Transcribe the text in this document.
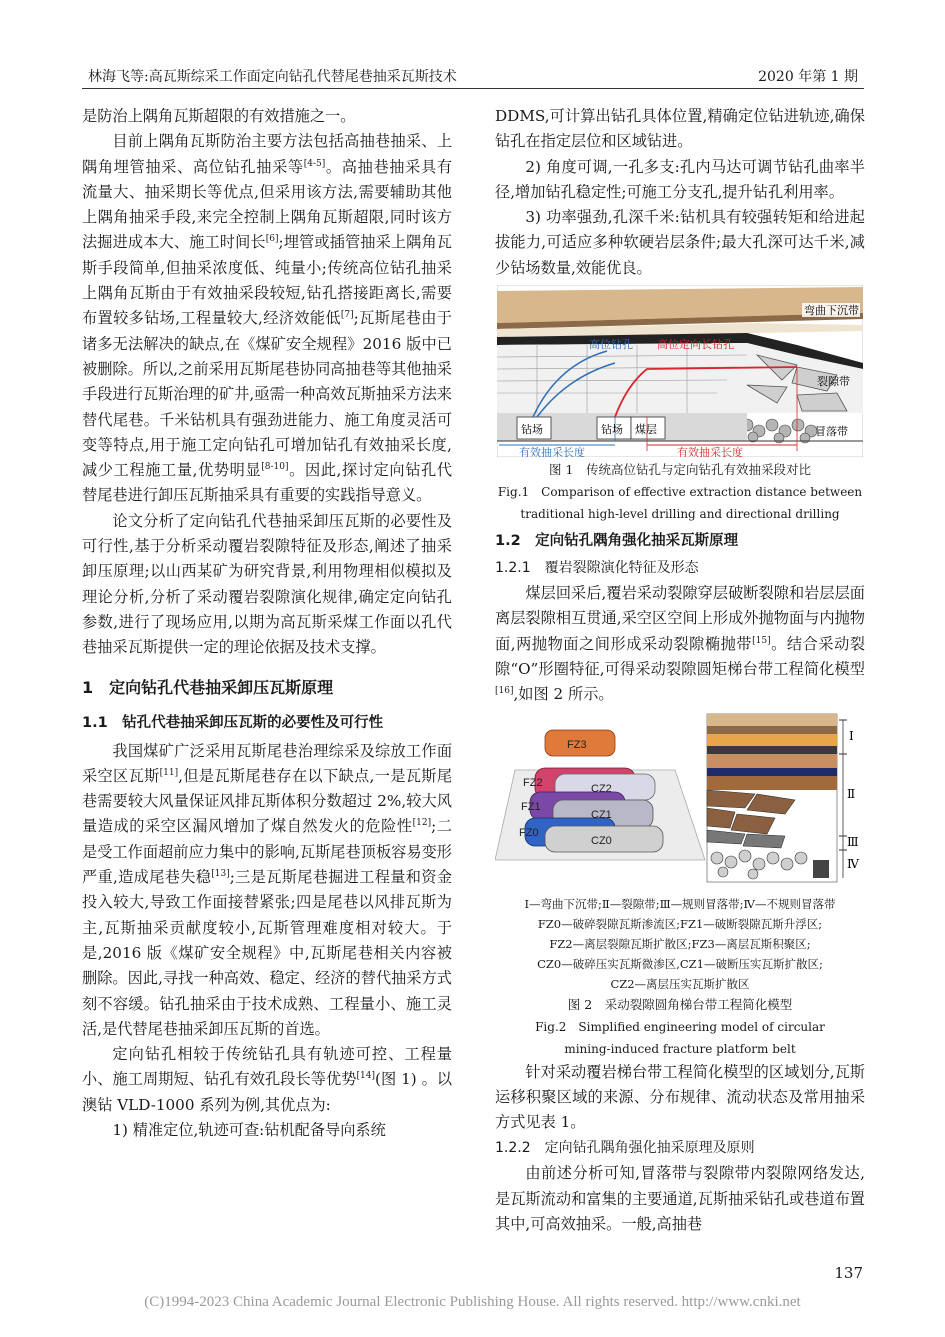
林海飞等:高瓦斯综采工作面定向钻孔代替尾巷抽采瓦斯技术	2020 年第 1 期

是防治上隅角瓦斯超限的有效措施之一。

目前上隅角瓦斯防治主要方法包括高抽巷抽采、上隅角埋管抽采、高位钻孔抽采等[4-5]。高抽巷抽采具有流量大、抽采期长等优点,但采用该方法,需要辅助其他上隅角抽采手段,来完全控制上隅角瓦斯超限,同时该方法掘进成本大、施工时间长[6];埋管或插管抽采上隅角瓦斯手段简单,但抽采浓度低、纯量小;传统高位钻孔抽采上隅角瓦斯由于有效抽采段较短,钻孔搭接距离长,需要布置较多钻场,工程量较大,经济效能低[7];瓦斯尾巷由于诸多无法解决的缺点,在《煤矿安全规程》2016 版中已被删除。所以,之前采用瓦斯尾巷协同高抽巷等其他抽采手段进行瓦斯治理的矿井,亟需一种高效瓦斯抽采方法来替代尾巷。千米钻机具有强劲进能力、施工角度灵活可变等特点,用于施工定向钻孔可增加钻孔有效抽采长度,减少工程施工量,优势明显[8-10]。因此,探讨定向钻孔代替尾巷进行卸压瓦斯抽采具有重要的实践指导意义。

论文分析了定向钻孔代巷抽采卸压瓦斯的必要性及可行性,基于分析采动覆岩裂隙特征及形态,阐述了抽采卸压原理;以山西某矿为研究背景,利用物理相似模拟及理论分析,分析了采动覆岩裂隙演化规律,确定定向钻孔参数,进行了现场应用,以期为高瓦斯采煤工作面以孔代巷抽采瓦斯提供一定的理论依据及技术支撑。

1　定向钻孔代巷抽采卸压瓦斯原理
1.1　钻孔代巷抽采卸压瓦斯的必要性及可行性

我国煤矿广泛采用瓦斯尾巷治理综采及综放工作面采空区瓦斯[11],但是瓦斯尾巷存在以下缺点,一是瓦斯尾巷需要较大风量保证风排瓦斯体积分数超过 2%,较大风量造成的采空区漏风增加了煤自然发火的危险性[12];二是受工作面超前应力集中的影响,瓦斯尾巷顶板容易变形严重,造成尾巷失稳[13];三是瓦斯尾巷掘进工程量和资金投入较大,导致工作面接替紧张;四是尾巷以风排瓦斯为主,瓦斯抽采贡献度较小,瓦斯管理难度相对较大。于是,2016 版《煤矿安全规程》中,瓦斯尾巷相关内容被删除。因此,寻找一种高效、稳定、经济的替代抽采方式刻不容缓。钻孔抽采由于技术成熟、工程量小、施工灵活,是代替尾巷抽采卸压瓦斯的首选。

定向钻孔相较于传统钻孔具有轨迹可控、工程量小、施工周期短、钻孔有效孔段长等优势[14](图 1) 。以澳钻 VLD-1000 系列为例,其优点为:

1) 精准定位,轨迹可查:钻机配备导向系统

DDMS,可计算出钻孔具体位置,精确定位钻进轨迹,确保钻孔在指定层位和区域钻进。

2) 角度可调,一孔多支:孔内马达可调节钻孔曲率半径,增加钻孔稳定性;可施工分支孔,提升钻孔利用率。

3) 功率强劲,孔深千米:钻机具有较强转矩和给进起拔能力,可适应多种软硬岩层条件;最大孔深可达千米,减少钻场数量,效能优良。

弯曲下沉带
高位钻孔 高位定向长钻孔
裂隙带
冒落带
钻场	钻场 煤层
有效抽采长度	有效抽采长度
图 1　传统高位钻孔与定向钻孔有效抽采段对比
Fig.1　Comparison of effective extraction distance between
traditional high-level drilling and directional drilling
1.2　定向钻孔隅角强化抽采瓦斯原理
1.2.1　覆岩裂隙演化特征及形态

煤层回采后,覆岩采动裂隙穿层破断裂隙和岩层层面离层裂隙相互贯通,采空区空间上形成外抛物面与内抛物面,两抛物面之间形成采动裂隙椭抛带[15]。结合采动裂隙“O”形圈特征,可得采动裂隙圆矩梯台带工程简化模型[16],如图 2 所示。

FZ3
FZ2	CZ2
FZ1
CZ1
FZ0
CZ0
Ⅰ
Ⅱ
Ⅲ
Ⅳ
Ⅰ—弯曲下沉带;Ⅱ—裂隙带;Ⅲ—规则冒落带;Ⅳ—不规则冒落带
FZ0—破碎裂隙瓦斯渗流区;FZ1—破断裂隙瓦斯升浮区;
FZ2—离层裂隙瓦斯扩散区;FZ3—离层瓦斯积聚区;
CZ0—破碎压实瓦斯微渗区,CZ1—破断压实瓦斯扩散区;
CZ2—离层压实瓦斯扩散区
图 2　采动裂隙圆角梯台带工程简化模型
Fig.2　Simplified engineering model of circular
mining-induced fracture platform belt

针对采动覆岩梯台带工程简化模型的区域划分,瓦斯运移积聚区域的来源、分布规律、流动状态及常用抽采方式见表 1。

1.2.2　定向钻孔隅角强化抽采原理及原则

由前述分析可知,冒落带与裂隙带内裂隙网络发达,是瓦斯流动和富集的主要通道,瓦斯抽采钻孔或巷道布置其中,可高效抽采。一般,高抽巷

137
(C)1994-2023 China Academic Journal Electronic Publishing House. All rights reserved. http://www.cnki.net
